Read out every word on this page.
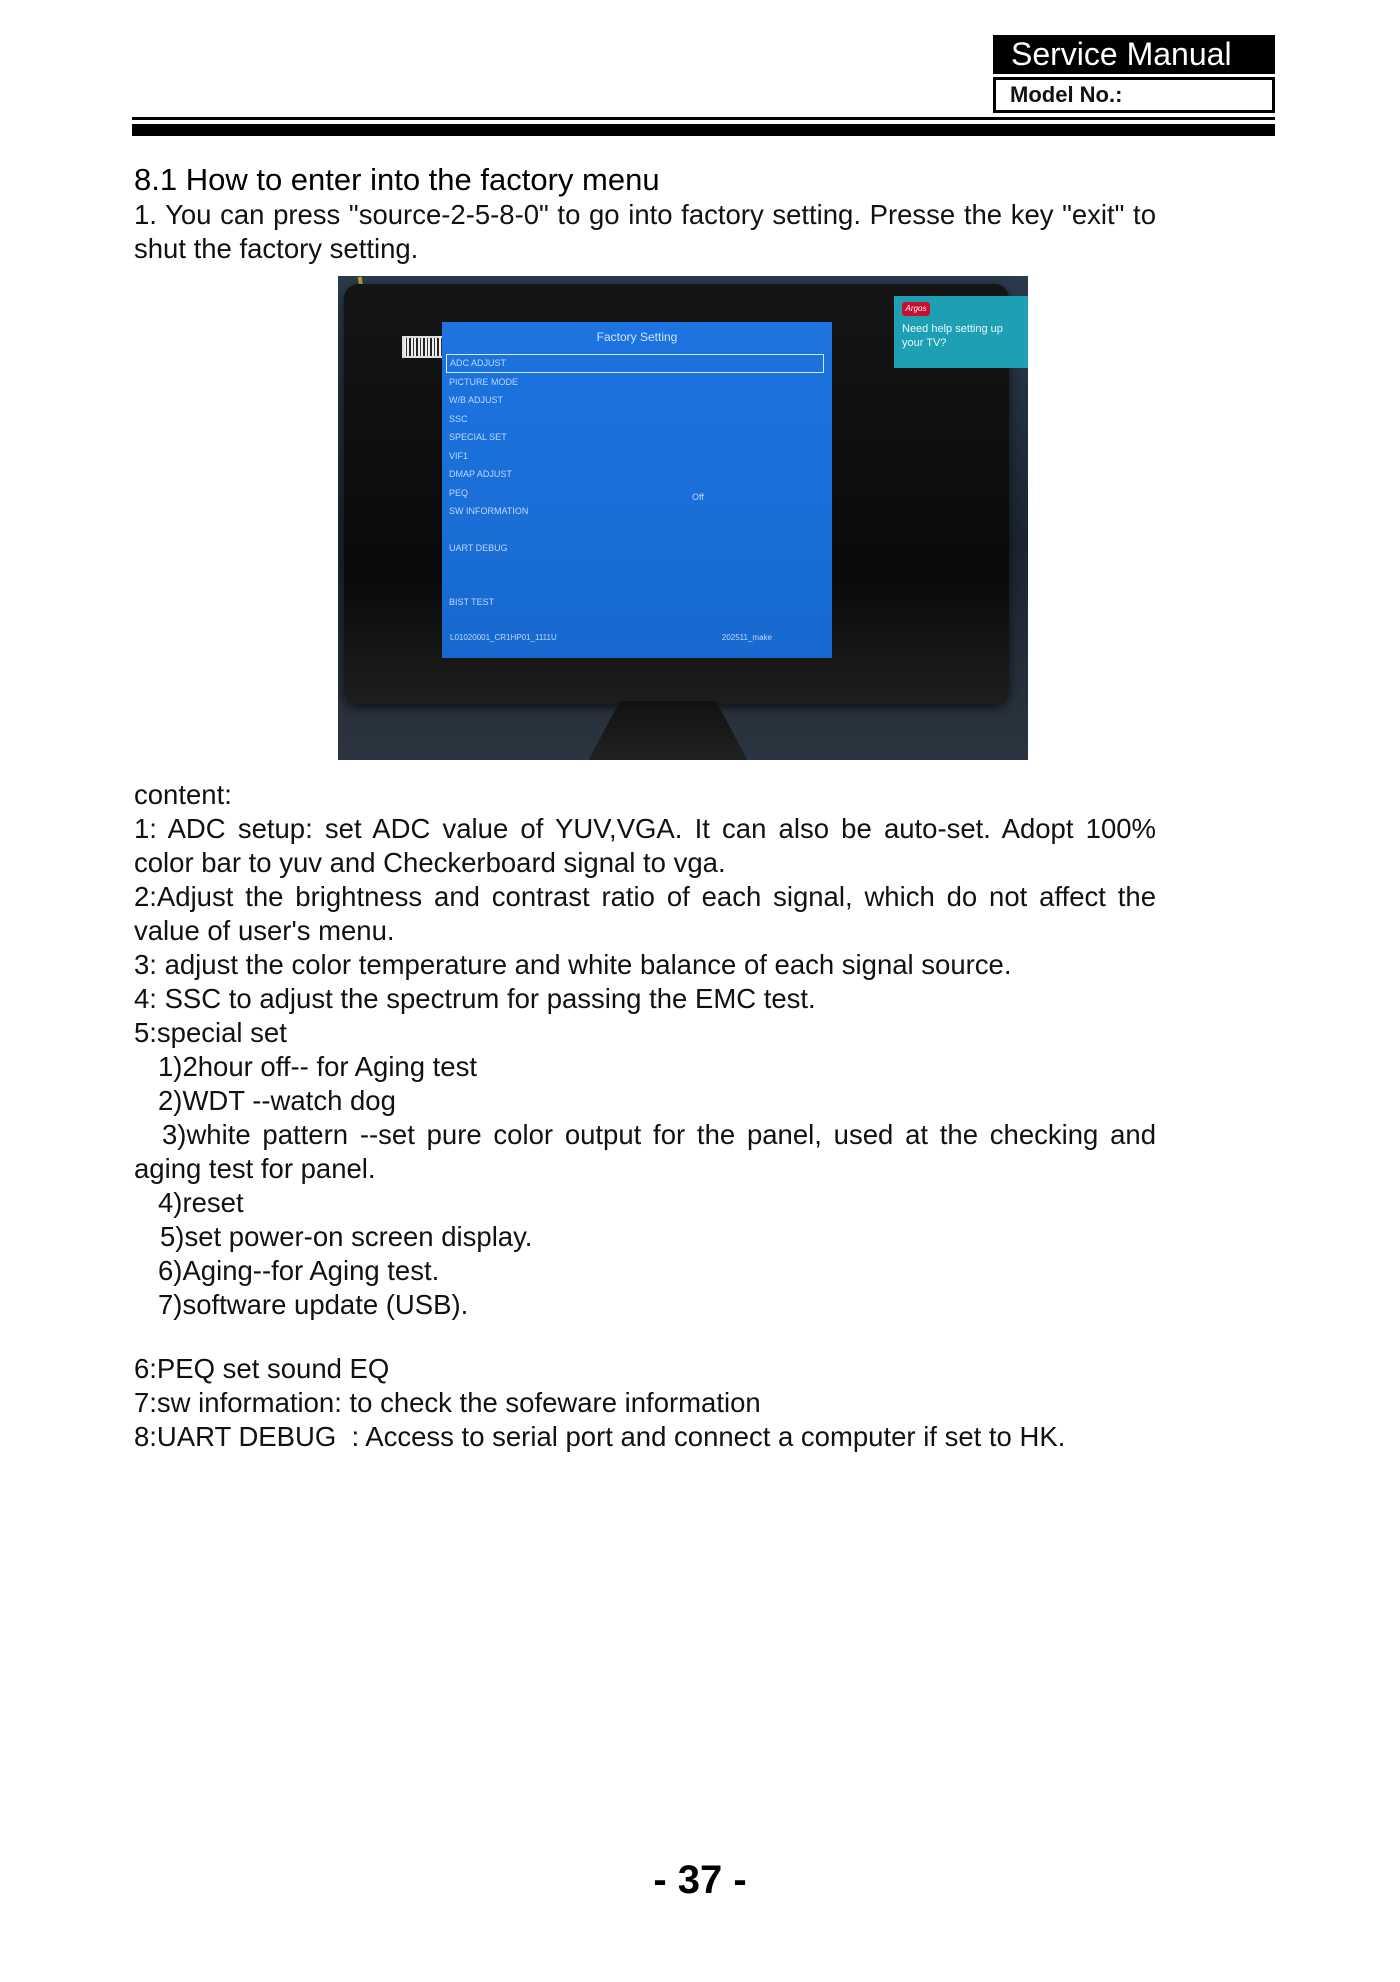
Service Manual
Model No.:
8.1 How to enter into the factory menu
1. You can press "source-2-5-8-0" to go into factory setting. Presse the key "exit" to shut the factory setting.
Factory Setting
ADC ADJUST
PICTURE MODE
W/B ADJUST
SSC
SPECIAL SET
VIF1
DMAP ADJUST
PEQ
SW INFORMATION
UART DEBUG
BIST TEST
Off
L01020001_CR1HP01_1111U	202511_make
Argos
Need help setting up your TV?
content:
1: ADC setup: set ADC value of YUV,VGA. It can also be auto-set. Adopt 100% color bar to yuv and Checkerboard signal to vga.
2:Adjust the brightness and contrast ratio of each signal, which do not affect the value of user's menu.
3: adjust the color temperature and white balance of each signal source.
4: SSC to adjust the spectrum for passing the EMC test.
5:special set
1)2hour off-- for Aging test
2)WDT --watch dog
3)white pattern --set pure color output for the panel, used at the checking and aging test for panel.
4)reset
5)set power-on screen display.
6)Aging--for Aging test.
7)software update (USB).
6:PEQ set sound EQ
7:sw information: to check the sofeware information
8:UART DEBUG  : Access to serial port and connect a computer if set to HK.
- 37 -
